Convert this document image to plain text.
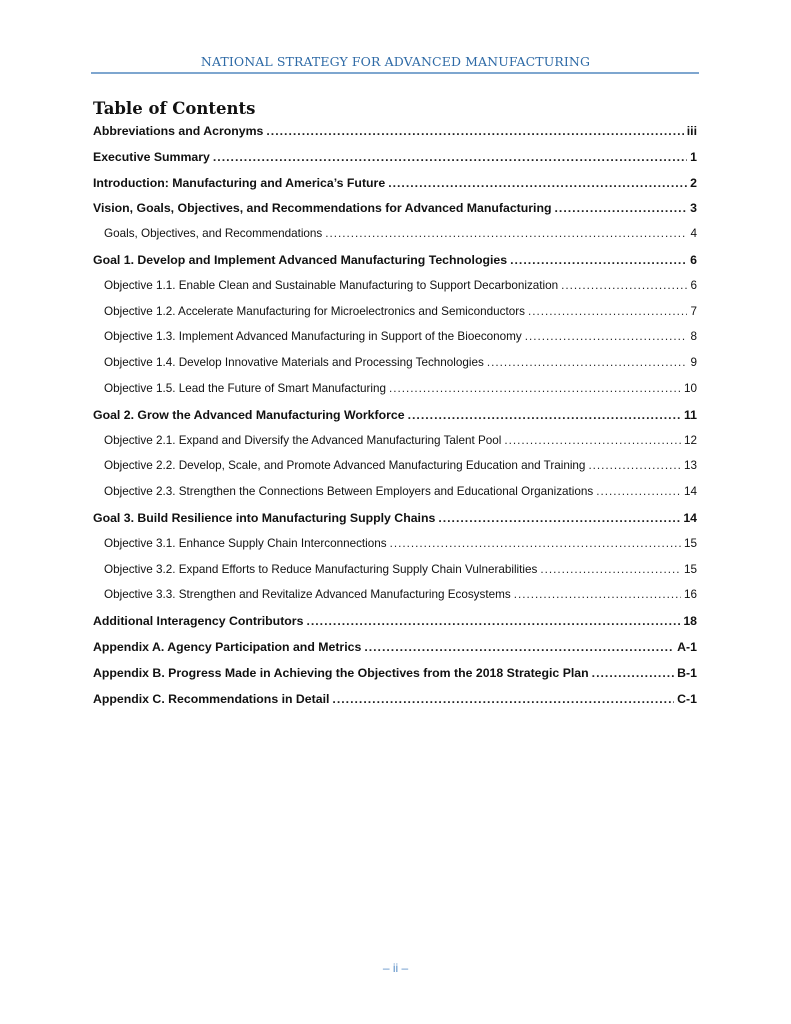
NATIONAL STRATEGY FOR ADVANCED MANUFACTURING
Table of Contents
Abbreviations and Acronyms .....	iii
Executive Summary .....	1
Introduction: Manufacturing and America’s Future .....	2
Vision, Goals, Objectives, and Recommendations for Advanced Manufacturing .....	3
Goals, Objectives, and Recommendations .....	4
Goal 1. Develop and Implement Advanced Manufacturing Technologies .....	6
Objective 1.1. Enable Clean and Sustainable Manufacturing to Support Decarbonization .....	6
Objective 1.2. Accelerate Manufacturing for Microelectronics and Semiconductors .....	7
Objective 1.3. Implement Advanced Manufacturing in Support of the Bioeconomy .....	8
Objective 1.4. Develop Innovative Materials and Processing Technologies .....	9
Objective 1.5. Lead the Future of Smart Manufacturing .....	10
Goal 2. Grow the Advanced Manufacturing Workforce .....	11
Objective 2.1. Expand and Diversify the Advanced Manufacturing Talent Pool .....	12
Objective 2.2. Develop, Scale, and Promote Advanced Manufacturing Education and Training .....	13
Objective 2.3. Strengthen the Connections Between Employers and Educational Organizations .....	14
Goal 3. Build Resilience into Manufacturing Supply Chains .....	14
Objective 3.1. Enhance Supply Chain Interconnections .....	15
Objective 3.2. Expand Efforts to Reduce Manufacturing Supply Chain Vulnerabilities .....	15
Objective 3.3. Strengthen and Revitalize Advanced Manufacturing Ecosystems .....	16
Additional Interagency Contributors .....	18
Appendix A. Agency Participation and Metrics .....	A-1
Appendix B. Progress Made in Achieving the Objectives from the 2018 Strategic Plan .....	B-1
Appendix C. Recommendations in Detail .....	C-1
– ii –
